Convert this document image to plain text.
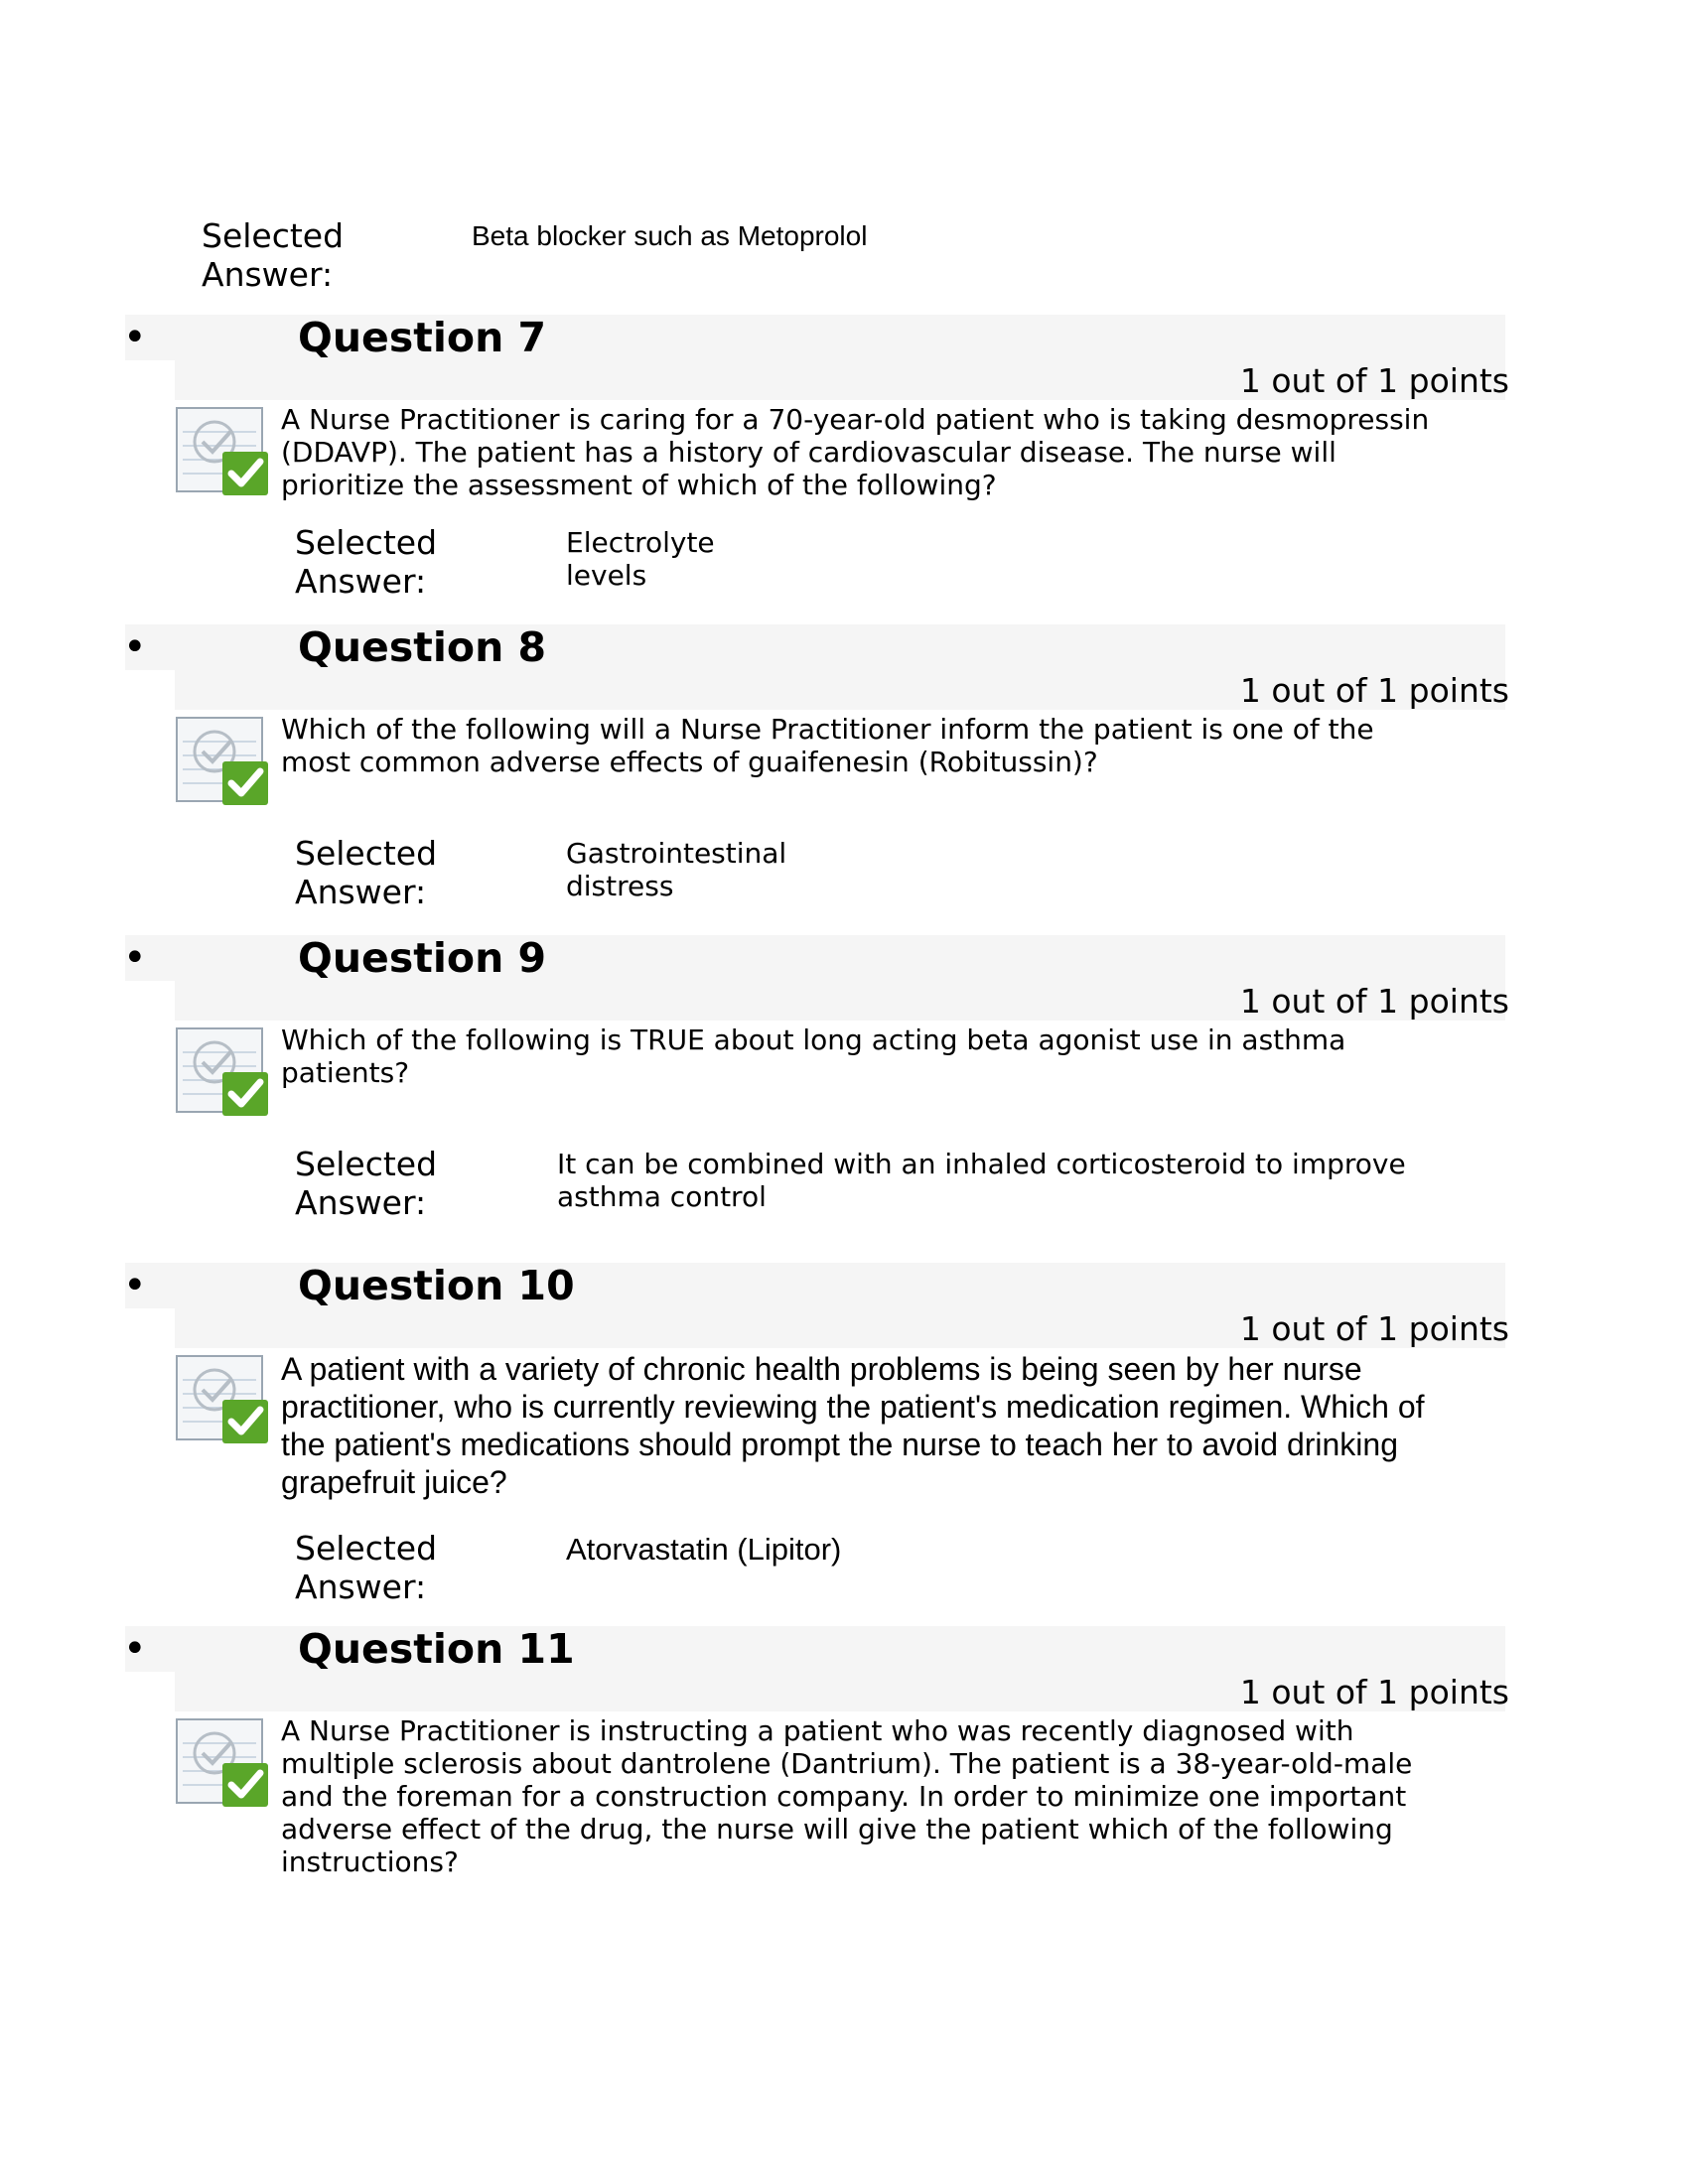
Selected
Answer:
Beta blocker such as Metoprolol
•	Question 7
1 out of 1 points
A Nurse Practitioner is caring for a 70-year-old patient who is taking desmopressin (DDAVP). The patient has a history of cardiovascular disease. The nurse will prioritize the assessment of which of the following?
Selected
Answer:
Electrolyte
levels
•	Question 8
1 out of 1 points
Which of the following will a Nurse Practitioner inform the patient is one of the most common adverse effects of guaifenesin (Robitussin)?
Selected
Answer:
Gastrointestinal
distress
•	Question 9
1 out of 1 points
Which of the following is TRUE about long acting beta agonist use in asthma patients?
Selected
Answer:
It can be combined with an inhaled corticosteroid to improve
asthma control
•	Question 10
1 out of 1 points
A patient with a variety of chronic health problems is being seen by her nurse practitioner, who is currently reviewing the patient's medication regimen. Which of the patient's medications should prompt the nurse to teach her to avoid drinking grapefruit juice?
Selected
Answer:
Atorvastatin (Lipitor)
•	Question 11
1 out of 1 points
A Nurse Practitioner is instructing a patient who was recently diagnosed with multiple sclerosis about dantrolene (Dantrium). The patient is a 38-year-old-male and the foreman for a construction company. In order to minimize one important adverse effect of the drug, the nurse will give the patient which of the following instructions?
